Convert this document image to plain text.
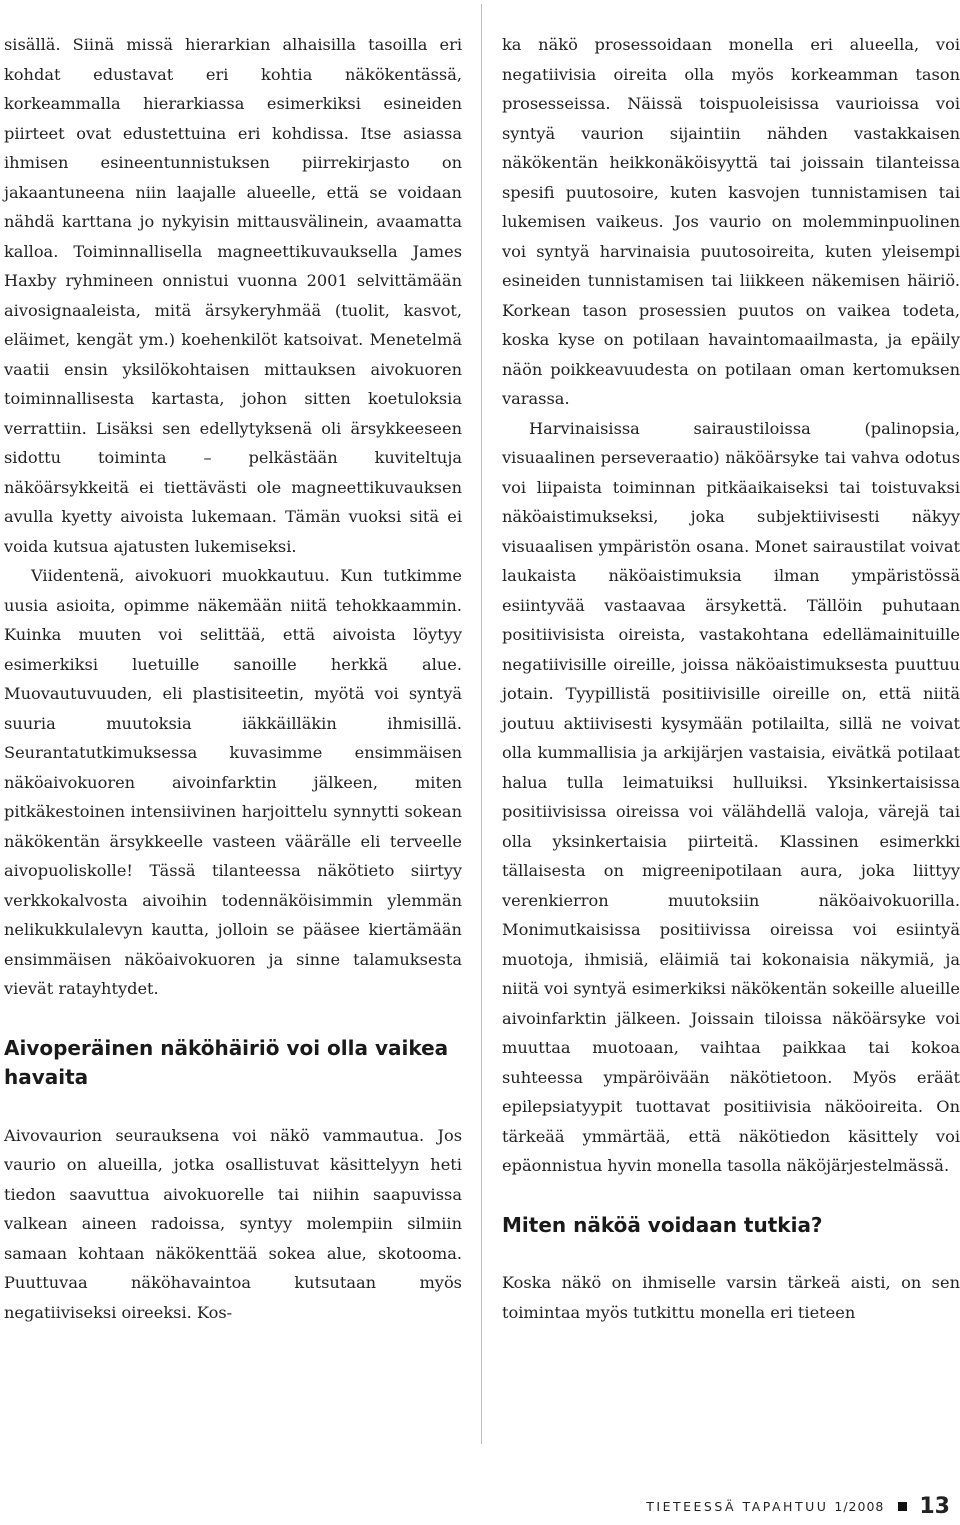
sisällä. Siinä missä hierarkian alhaisilla tasoilla eri kohdat edustavat eri kohtia näkökentässä, korkeammalla hierarkiassa esimerkiksi esineiden piirteet ovat edustettuina eri kohdissa. Itse asiassa ihmisen esineentunnistuksen piirrekirjasto on jakaantuneena niin laajalle alueelle, että se voidaan nähdä karttana jo nykyisin mittausvälinein, avaamatta kalloa. Toiminnallisella magneettikuvauksella James Haxby ryhmineen onnistui vuonna 2001 selvittämään aivosignaaleista, mitä ärsykeryhmää (tuolit, kasvot, eläimet, kengät ym.) koehenkilöt katsoivat. Menetelmä vaatii ensin yksilökohtaisen mittauksen aivokuoren toiminnallisesta kartasta, johon sitten koetuloksia verrattiin. Lisäksi sen edellytyksenä oli ärsykkeeseen sidottu toiminta – pelkästään kuviteltuja näköärsykkeitä ei tiettävästi ole magneettikuvauksen avulla kyetty aivoista lukemaan. Tämän vuoksi sitä ei voida kutsua ajatusten lukemiseksi.

Viidentenä, aivokuori muokkautuu. Kun tutkimme uusia asioita, opimme näkemään niitä tehokkaammin. Kuinka muuten voi selittää, että aivoista löytyy esimerkiksi luetuille sanoille herkkä alue. Muovautuvuuden, eli plastisiteetin, myötä voi syntyä suuria muutoksia iäkkäilläkin ihmisillä. Seurantatutkimuksessa kuvasimme ensimmäisen näköaivokuoren aivoinfarktin jälkeen, miten pitkäkestoinen intensiivinen harjoittelu synnytti sokean näkökentän ärsykkeelle vasteen väärälle eli terveelle aivopuoliskolle! Tässä tilanteessa näkötieto siirtyy verkkokalvosta aivoihin todennäköisimmin ylemmän nelikukkulalevyn kautta, jolloin se pääsee kiertämään ensimmäisen näköaivokuoren ja sinne talamuksesta vievät ratayhtydet.

Aivoperäinen näköhäiriö voi olla vaikea havaita

Aivovaurion seurauksena voi näkö vammautua. Jos vaurio on alueilla, jotka osallistuvat käsittelyyn heti tiedon saavuttua aivokuorelle tai niihin saapuvissa valkean aineen radoissa, syntyy molempiin silmiin samaan kohtaan näkökenttää sokea alue, skotooma. Puuttuvaa näköhavaintoa kutsutaan myös negatiiviseksi oireeksi. Kos-

ka näkö prosessoidaan monella eri alueella, voi negatiivisia oireita olla myös korkeamman tason prosesseissa. Näissä toispuoleisissa vaurioissa voi syntyä vaurion sijaintiin nähden vastakkaisen näkökentän heikkonäköisyyttä tai joissain tilanteissa spesifi puutosoire, kuten kasvojen tunnistamisen tai lukemisen vaikeus. Jos vaurio on molemminpuolinen voi syntyä harvinaisia puutosoireita, kuten yleisempi esineiden tunnistamisen tai liikkeen näkemisen häiriö. Korkean tason prosessien puutos on vaikea todeta, koska kyse on potilaan havaintomaailmasta, ja epäily näön poikkeavuudesta on potilaan oman kertomuksen varassa.

Harvinaisissa sairaustiloissa (palinopsia, visuaalinen perseveraatio) näköärsyke tai vahva odotus voi liipaista toiminnan pitkäaikaiseksi tai toistuvaksi näköaistimukseksi, joka subjektiivisesti näkyy visuaalisen ympäristön osana. Monet sairaustilat voivat laukaista näköaistimuksia ilman ympäristössä esiintyvää vastaavaa ärsykettä. Tällöin puhutaan positiivisista oireista, vastakohtana edellämainituille negatiivisille oireille, joissa näköaistimuksesta puuttuu jotain. Tyypillistä positiivisille oireille on, että niitä joutuu aktiivisesti kysymään potilailta, sillä ne voivat olla kummallisia ja arkijärjen vastaisia, eivätkä potilaat halua tulla leimatuiksi hulluiksi. Yksinkertaisissa positiivisissa oireissa voi välähdellä valoja, värejä tai olla yksinkertaisia piirteitä. Klassinen esimerkki tällaisesta on migreenipotilaan aura, joka liittyy verenkierron muutoksiin näköaivokuorilla. Monimutkaisissa positiivissa oireissa voi esiintyä muotoja, ihmisiä, eläimiä tai kokonaisia näkymiä, ja niitä voi syntyä esimerkiksi näkökentän sokeille alueille aivoinfarktin jälkeen. Joissain tiloissa näköärsyke voi muuttaa muotoaan, vaihtaa paikkaa tai kokoa suhteessa ympäröivään näkötietoon. Myös eräät epilepsiatyypit tuottavat positiivisia näköoireita. On tärkeää ymmärtää, että näkötiedon käsittely voi epäonnistua hyvin monella tasolla näköjärjestelmässä.

Miten näköä voidaan tutkia?

Koska näkö on ihmiselle varsin tärkeä aisti, on sen toimintaa myös tutkittu monella eri tieteen

TIETEESSÄ TAPAHTUU 1/2008 13
